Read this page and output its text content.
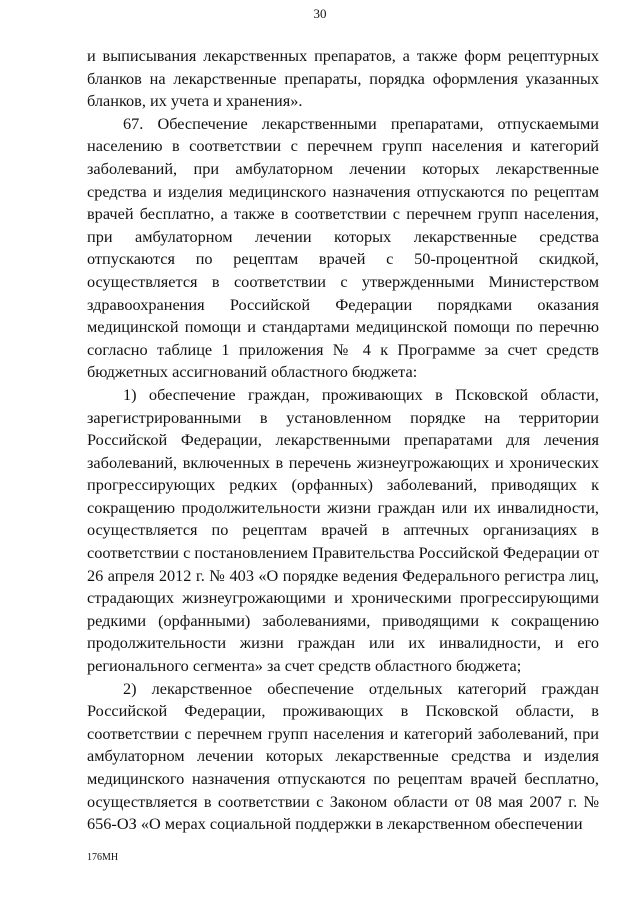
30

и выписывания лекарственных препаратов, а также форм рецептурных бланков на лекарственные препараты, порядка оформления указанных бланков, их учета и хранения».

67. Обеспечение лекарственными препаратами, отпускаемыми населению в соответствии с перечнем групп населения и категорий заболеваний, при амбулаторном лечении которых лекарственные средства и изделия медицинского назначения отпускаются по рецептам врачей бесплатно, а также в соответствии с перечнем групп населения, при амбулаторном лечении которых лекарственные средства отпускаются по рецептам врачей с 50-процентной скидкой, осуществляется в соответствии с утвержденными Министерством здравоохранения Российской Федерации порядками оказания медицинской помощи и стандартами медицинской помощи по перечню согласно таблице 1 приложения № 4 к Программе за счет средств бюджетных ассигнований областного бюджета:

1) обеспечение граждан, проживающих в Псковской области, зарегистрированными в установленном порядке на территории Российской Федерации, лекарственными препаратами для лечения заболеваний, включенных в перечень жизнеугрожающих и хронических прогрессирующих редких (орфанных) заболеваний, приводящих к сокращению продолжительности жизни граждан или их инвалидности, осуществляется по рецептам врачей в аптечных организациях в соответствии с постановлением Правительства Российской Федерации от 26 апреля 2012 г. № 403 «О порядке ведения Федерального регистра лиц, страдающих жизнеугрожающими и хроническими прогрессирующими редкими (орфанными) заболеваниями, приводящими к сокращению продолжительности жизни граждан или их инвалидности, и его регионального сегмента» за счет средств областного бюджета;

2) лекарственное обеспечение отдельных категорий граждан Российской Федерации, проживающих в Псковской области, в соответствии с перечнем групп населения и категорий заболеваний, при амбулаторном лечении которых лекарственные средства и изделия медицинского назначения отпускаются по рецептам врачей бесплатно, осуществляется в соответствии с Законом области от 08 мая 2007 г. № 656-ОЗ «О мерах социальной поддержки в лекарственном обеспечении

176МН
